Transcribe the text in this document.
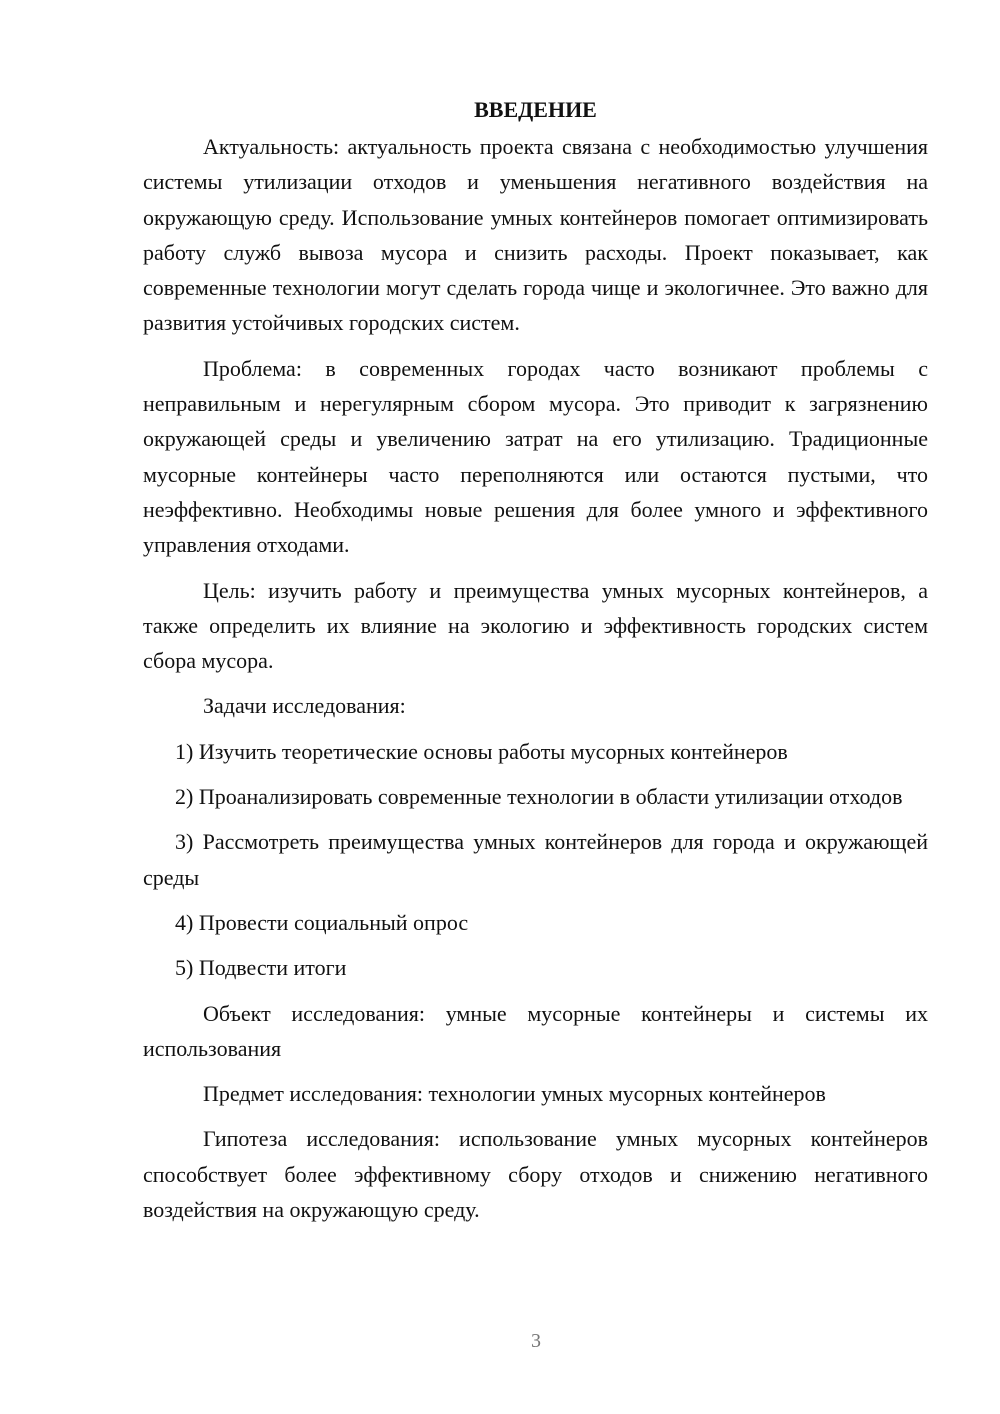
ВВЕДЕНИЕ

Актуальность: актуальность проекта связана с необходимостью улучшения системы утилизации отходов и уменьшения негативного воздействия на окружающую среду. Использование умных контейнеров помогает оптимизировать работу служб вывоза мусора и снизить расходы. Проект показывает, как современные технологии могут сделать города чище и экологичнее. Это важно для развития устойчивых городских систем.

Проблема: в современных городах часто возникают проблемы с неправильным и нерегулярным сбором мусора. Это приводит к загрязнению окружающей среды и увеличению затрат на его утилизацию. Традиционные мусорные контейнеры часто переполняются или остаются пустыми, что неэффективно. Необходимы новые решения для более умного и эффективного управления отходами.

Цель: изучить работу и преимущества умных мусорных контейнеров, а также определить их влияние на экологию и эффективность городских систем сбора мусора.

Задачи исследования:

1) Изучить теоретические основы работы мусорных контейнеров

2) Проанализировать современные технологии в области утилизации отходов

3) Рассмотреть преимущества умных контейнеров для города и окружающей среды

4) Провести социальный опрос

5) Подвести итоги

Объект исследования: умные мусорные контейнеры и системы их использования

Предмет исследования: технологии умных мусорных контейнеров

Гипотеза исследования: использование умных мусорных контейнеров способствует более эффективному сбору отходов и снижению негативного воздействия на окружающую среду.

3
